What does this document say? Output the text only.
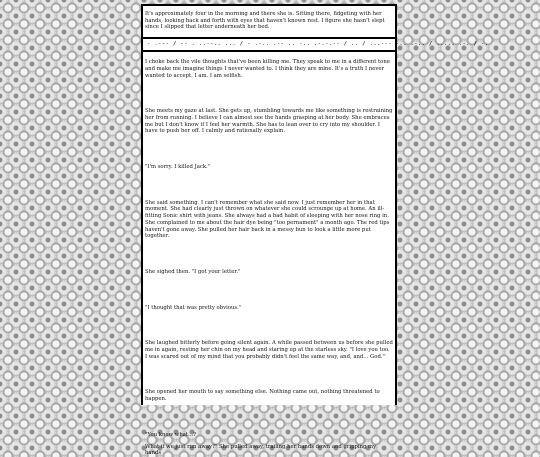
It's approximately four in the morning and there she is. Sitting there, fidgeting with her hands, looking back and forth with eyes that haven't known rest. I figure she hasn't slept since I slipped that letter underneath her bed.

- .--- / -- . ..--.. ... / - .-.. .-- .. -.. .-.-.-- / .. / ...--- -.. .-.. / ..... .-. / -.

I choke back the vile thoughts that've been killing me. They speak to me in a different tone and make me imagine things I never wanted to. I think they are mine. It's a truth I never wanted to accept. I am. I am selfish.

She meets my gaze at last. She gets up, stumbling towards me like something is restraining her from running. I believe I can almost see the hands grasping at her body. She embraces me but I don't know if I feel her warmth. She has to lean over to cry into my shoulder. I have to push her off. I calmly and rationally explain.

"I'm sorry. I killed Jack."

She said something. I can't remember what she said now. I just remember her in that moment. She had clearly just thrown on whatever she could scrounge up at home. An ill-fitting Sonic shirt with jeans. She always had a bad habit of sleeping with her nose ring in. She complained to me about the hair dye being "too pernament" a month ago. The red tips haven't gone away. She pulled her hair back in a messy bun to look a little more put together.

She sighed then. "I got your letter."

"I thought that was pretty obvious."

She laughed bitterly before going silent again. A while passed between us before she pulled me in again, resting her chin on my head and staring up at the starless sky. "I love you too. I was scared out of my mind that you probably didn't feel the same way, and, and... God."

She opened her mouth to say something else. Nothing came out, nothing threatened to happen.

"You know what...?

What if we just run away?" She pulled away, trailing her hands down and gripping my hands
